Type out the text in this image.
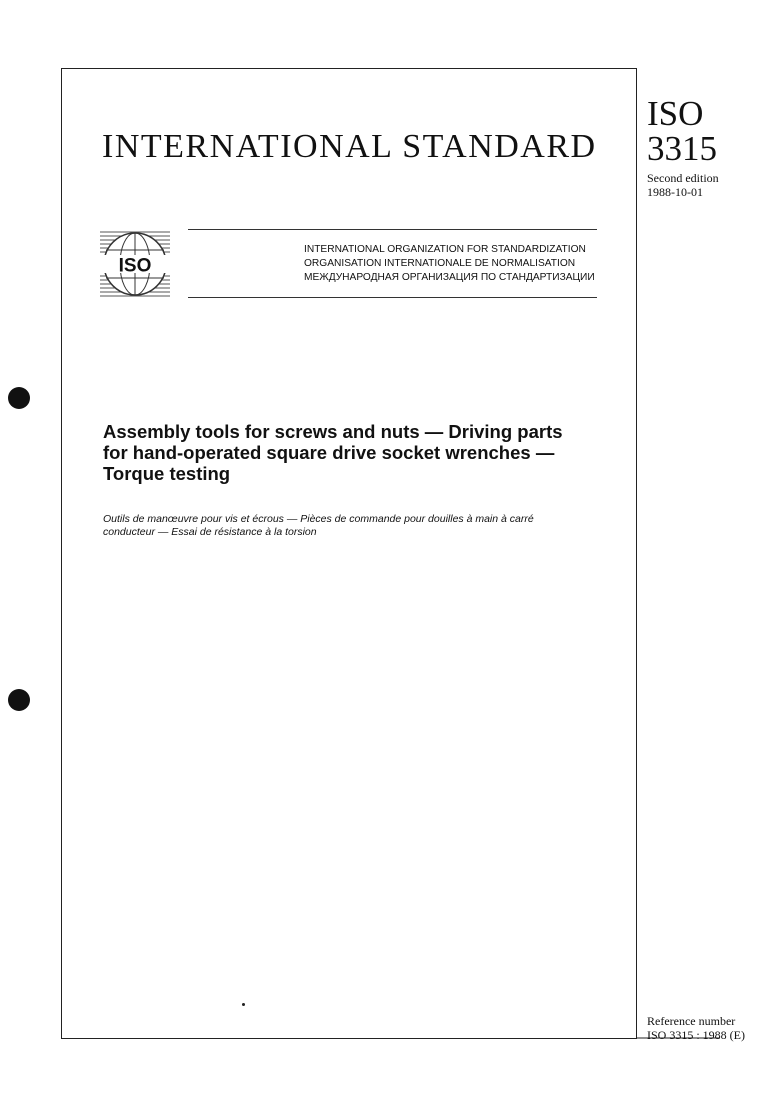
INTERNATIONAL STANDARD
ISO
3315
Second edition
1988-10-01
ISO
INTERNATIONAL ORGANIZATION FOR STANDARDIZATION
ORGANISATION INTERNATIONALE DE NORMALISATION
МЕЖДУНАРОДНАЯ ОРГАНИЗАЦИЯ ПО СТАНДАРТИЗАЦИИ
Assembly tools for screws and nuts — Driving parts
for hand-operated square drive socket wrenches —
Torque testing
Outils de manœuvre pour vis et écrous — Pièces de commande pour douilles à main à carré
conducteur — Essai de résistance à la torsion
Reference number
ISO 3315 : 1988 (E)
